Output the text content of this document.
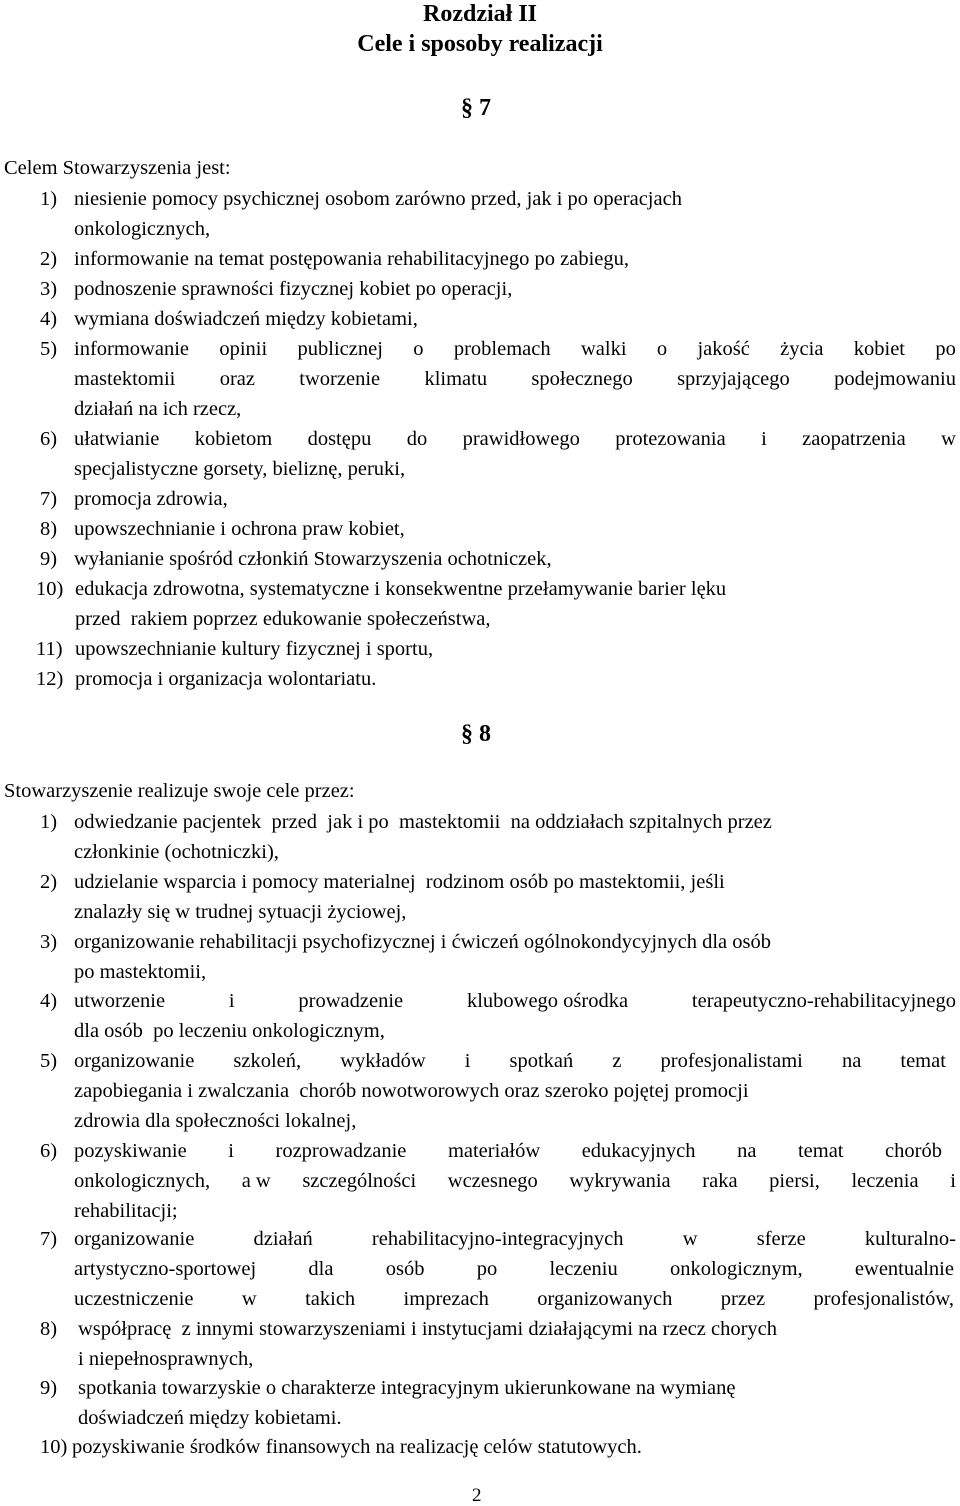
Rozdział II
Cele i sposoby realizacji
§ 7
Celem Stowarzyszenia jest:
1) niesienie pomocy psychicznej osobom zarówno przed, jak i po operacjach
onkologicznych,
2) informowanie na temat postępowania rehabilitacyjnego po zabiegu,
3) podnoszenie sprawności fizycznej kobiet po operacji,
4) wymiana doświadczeń między kobietami,
5) informowanie opinii publicznej o problemach walki o jakość życia kobiet po
mastektomii oraz tworzenie klimatu społecznego sprzyjającego podejmowaniu
działań na ich rzecz,
6) ułatwianie kobietom dostępu do prawidłowego protezowania i zaopatrzenia w
specjalistyczne gorsety, bieliznę, peruki,
7) promocja zdrowia,
8) upowszechnianie i ochrona praw kobiet,
9) wyłanianie spośród członkiń Stowarzyszenia ochotniczek,
10) edukacja zdrowotna, systematyczne i konsekwentne przełamywanie barier lęku
przed  rakiem poprzez edukowanie społeczeństwa,
11) upowszechnianie kultury fizycznej i sportu,
12) promocja i organizacja wolontariatu.
§ 8
Stowarzyszenie realizuje swoje cele przez:
1) odwiedzanie pacjentek  przed  jak i po  mastektomii  na oddziałach szpitalnych przez
członkinie (ochotniczki),
2) udzielanie wsparcia i pomocy materialnej  rodzinom osób po mastektomii, jeśli
znalazły się w trudnej sytuacji życiowej,
3) organizowanie rehabilitacji psychofizycznej i ćwiczeń ogólnokondycyjnych dla osób
po mastektomii,
4) utworzenie	i	prowadzenie	klubowego ośrodka	terapeutyczno-rehabilitacyjnego
dla osób  po leczeniu onkologicznym,
5) organizowanie szkoleń, wykładów i spotkań z profesjonalistami na temat
zapobiegania i zwalczania  chorób nowotworowych oraz szeroko pojętej promocji
zdrowia dla społeczności lokalnej,
6) pozyskiwanie i rozprowadzanie materiałów edukacyjnych na temat chorób
onkologicznych, a w szczególności wczesnego wykrywania raka piersi, leczenia i
rehabilitacji;
7) organizowanie	działań	rehabilitacyjno-integracyjnych	w	sferze	kulturalno-
artystyczno-sportowej	dla	osób	po	leczeniu	onkologicznym,	ewentualnie
uczestniczenie w takich imprezach organizowanych przez profesjonalistów,
8) współpracę  z innymi stowarzyszeniami i instytucjami działającymi na rzecz chorych
i niepełnosprawnych,
9) spotkania towarzyskie o charakterze integracyjnym ukierunkowane na wymianę
doświadczeń między kobietami.
10) pozyskiwanie środków finansowych na realizację celów statutowych.
2
